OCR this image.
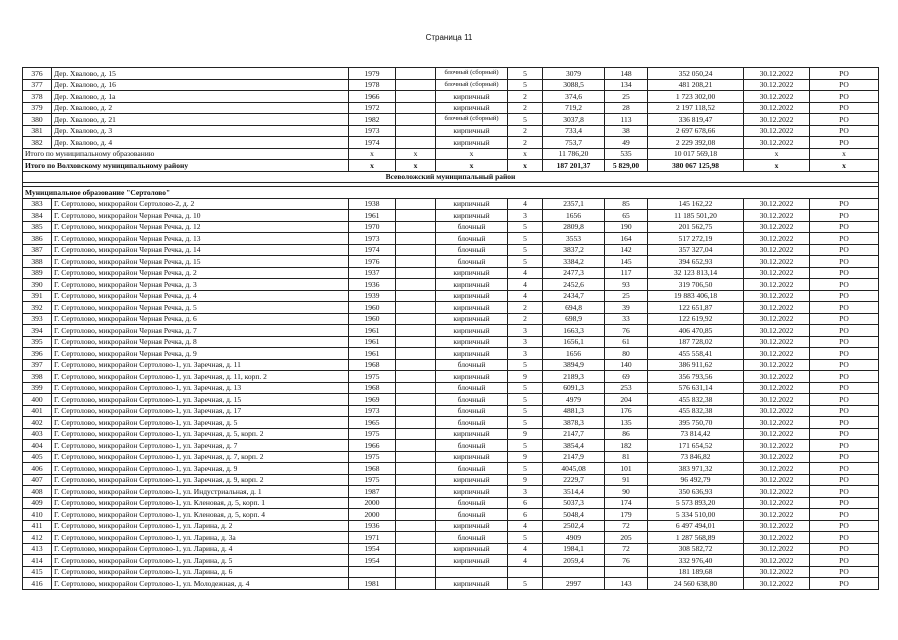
Страница 11
376	Дер. Хвалово, д. 15	1979		блочный (сборный)	5	3079	148	352 050,24	30.12.2022	РО
377	Дер. Хвалово, д. 16	1978		блочный (сборный)	5	3088,5	134	481 208,21	30.12.2022	РО
378	Дер. Хвалово, д. 1а	1966		кирпичный	2	374,6	25	1 723 302,00	30.12.2022	РО
379	Дер. Хвалово, д. 2	1972		кирпичный	2	719,2	28	2 197 118,52	30.12.2022	РО
380	Дер. Хвалово, д. 21	1982		блочный (сборный)	5	3037,8	113	336 819,47	30.12.2022	РО
381	Дер. Хвалово, д. 3	1973		кирпичный	2	733,4	38	2 697 678,66	30.12.2022	РО
382	Дер. Хвалово, д. 4	1974		кирпичный	2	753,7	49	2 229 392,08	30.12.2022	РО
Итого по муниципальному образованию		х	х	х	х	11 786,20	535	10 017 569,18	х	х
Итого по Волховскому муниципальному району		х	х	х	х	187 201,37	5 829,00	380 067 125,98	х	х
Всеволожский муниципальный район										

Муниципальное образование "Сертолово"										
383	Г. Сертолово, микрорайон Сертолово-2, д. 2	1938		кирпичный	4	2357,1	85	145 162,22	30.12.2022	РО
384	Г. Сертолово, микрорайон Черная Речка, д. 10	1961		кирпичный	3	1656	65	11 185 501,20	30.12.2022	РО
385	Г. Сертолово, микрорайон Черная Речка, д. 12	1970		блочный	5	2809,8	190	201 562,75	30.12.2022	РО
386	Г. Сертолово, микрорайон Черная Речка, д. 13	1973		блочный	5	3553	164	517 272,19	30.12.2022	РО
387	Г. Сертолово, микрорайон Черная Речка, д. 14	1974		блочный	5	3837,2	142	357 327,04	30.12.2022	РО
388	Г. Сертолово, микрорайон Черная Речка, д. 15	1976		блочный	5	3384,2	145	394 652,93	30.12.2022	РО
389	Г. Сертолово, микрорайон Черная Речка, д. 2	1937		кирпичный	4	2477,3	117	32 123 813,14	30.12.2022	РО
390	Г. Сертолово, микрорайон Черная Речка, д. 3	1936		кирпичный	4	2452,6	93	319 706,50	30.12.2022	РО
391	Г. Сертолово, микрорайон Черная Речка, д. 4	1939		кирпичный	4	2434,7	25	19 883 406,18	30.12.2022	РО
392	Г. Сертолово, микрорайон Черная Речка, д. 5	1960		кирпичный	2	694,8	39	122 651,87	30.12.2022	РО
393	Г. Сертолово, микрорайон Черная Речка, д. 6	1960		кирпичный	2	698,9	33	122 619,92	30.12.2022	РО
394	Г. Сертолово, микрорайон Черная Речка, д. 7	1961		кирпичный	3	1663,3	76	406 470,85	30.12.2022	РО
395	Г. Сертолово, микрорайон Черная Речка, д. 8	1961		кирпичный	3	1656,1	61	187 728,02	30.12.2022	РО
396	Г. Сертолово, микрорайон Черная Речка, д. 9	1961		кирпичный	3	1656	80	455 558,41	30.12.2022	РО
397	Г. Сертолово, микрорайон Сертолово-1, ул. Заречная, д. 11	1968		блочный	5	3894,9	140	386 911,62	30.12.2022	РО
398	Г. Сертолово, микрорайон Сертолово-1, ул. Заречная, д. 11, корп. 2	1975		кирпичный	9	2189,3	69	356 793,56	30.12.2022	РО
399	Г. Сертолово, микрорайон Сертолово-1, ул. Заречная, д. 13	1968		блочный	5	6091,3	253	576 631,14	30.12.2022	РО
400	Г. Сертолово, микрорайон Сертолово-1, ул. Заречная, д. 15	1969		блочный	5	4979	204	455 832,38	30.12.2022	РО
401	Г. Сертолово, микрорайон Сертолово-1, ул. Заречная, д. 17	1973		блочный	5	4881,3	176	455 832,38	30.12.2022	РО
402	Г. Сертолово, микрорайон Сертолово-1, ул. Заречная, д. 5	1965		блочный	5	3878,3	135	395 750,70	30.12.2022	РО
403	Г. Сертолово, микрорайон Сертолово-1, ул. Заречная, д. 5, корп. 2	1975		кирпичный	9	2147,7	86	73 814,42	30.12.2022	РО
404	Г. Сертолово, микрорайон Сертолово-1, ул. Заречная, д. 7	1966		блочный	5	3854,4	182	171 654,52	30.12.2022	РО
405	Г. Сертолово, микрорайон Сертолово-1, ул. Заречная, д. 7, корп. 2	1975		кирпичный	9	2147,9	81	73 846,82	30.12.2022	РО
406	Г. Сертолово, микрорайон Сертолово-1, ул. Заречная, д. 9	1968		блочный	5	4045,08	101	383 971,32	30.12.2022	РО
407	Г. Сертолово, микрорайон Сертолово-1, ул. Заречная, д. 9, корп. 2	1975		кирпичный	9	2229,7	91	96 492,79	30.12.2022	РО
408	Г. Сертолово, микрорайон Сертолово-1, ул. Индустриальная, д. 1	1987		кирпичный	3	3514,4	90	350 636,93	30.12.2022	РО
409	Г. Сертолово, микрорайон Сертолово-1, ул. Кленовая, д. 5, корп. 1	2000		блочный	6	5037,3	174	5 573 893,20	30.12.2022	РО
410	Г. Сертолово, микрорайон Сертолово-1, ул. Кленовая, д. 5, корп. 4	2000		блочный	6	5048,4	179	5 334 510,00	30.12.2022	РО
411	Г. Сертолово, микрорайон Сертолово-1, ул. Ларина, д. 2	1936		кирпичный	4	2502,4	72	6 497 494,01	30.12.2022	РО
412	Г. Сертолово, микрорайон Сертолово-1, ул. Ларина, д. 3а	1971		блочный	5	4909	205	1 287 568,89	30.12.2022	РО
413	Г. Сертолово, микрорайон Сертолово-1, ул. Ларина, д. 4	1954		кирпичный	4	1984,1	72	308 582,72	30.12.2022	РО
414	Г. Сертолово, микрорайон Сертолово-1, ул. Ларина, д. 5	1954		кирпичный	4	2059,4	76	332 976,40	30.12.2022	РО
415	Г. Сертолово, микрорайон Сертолово-1, ул. Ларина, д. 6							181 189,68	30.12.2022	РО
416	Г. Сертолово, микрорайон Сертолово-1, ул. Молодежная, д. 4	1981		кирпичный	5	2997	143	24 560 638,80	30.12.2022	РО
